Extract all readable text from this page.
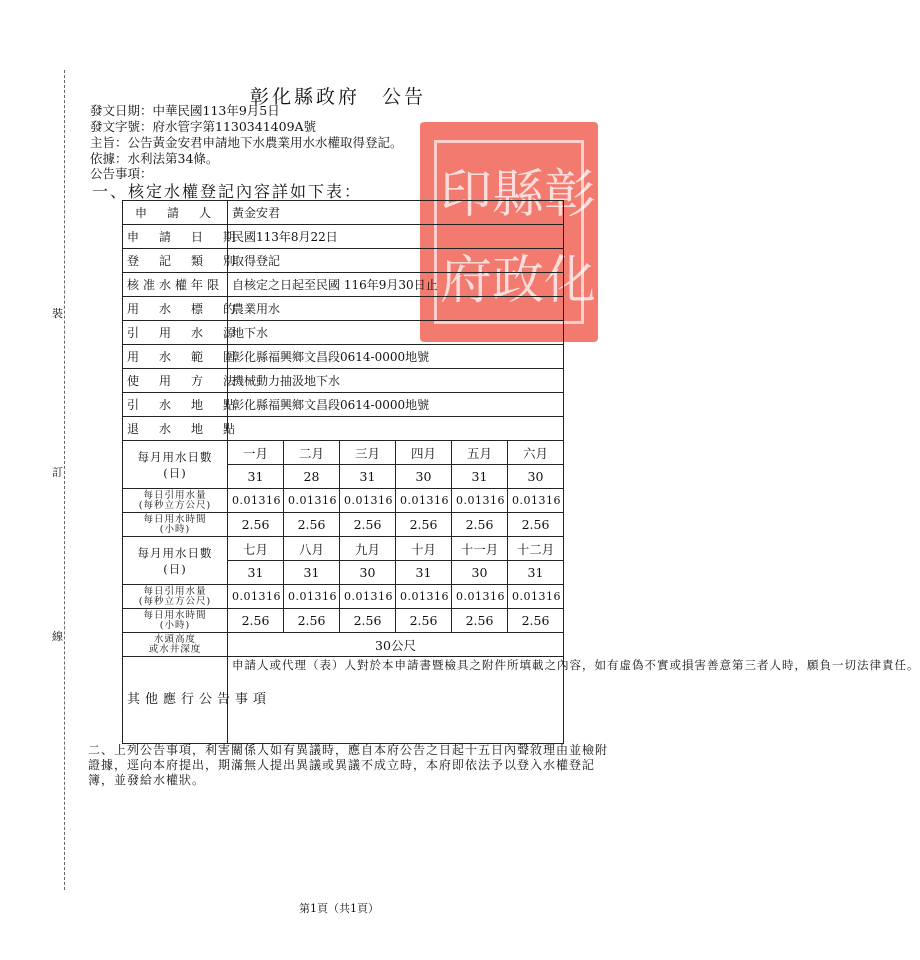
裝
訂
線
印 縣 彰
府 政 化
彰化縣政府　公告
發文日期：中華民國113年9月5日
發文字號：府水管字第1130341409A號
主旨：公告黃金安君申請地下水農業用水水權取得登記。
依據：水利法第34條。
公告事項：
一、核定水權登記內容詳如下表：
申　請　人	黃金安君					
申　請　日　期	民國113年8月22日					
登　記　類　別	取得登記					
核准水權年限	自核定之日起至民國 116年9月30日止					
用　水　標　的	農業用水					
引　用　水　源	地下水					
用　水　範　圍	彰化縣福興鄉文昌段0614-0000地號					
使　用　方　法	機械動力抽汲地下水					
引　水　地　點	彰化縣福興鄉文昌段0614-0000地號					
退　水　地　點						

每月用水日數
(日)	一月	二月	三月	四月	五月	六月
	31	28	31	30	31	30

每日引用水量
(每秒立方公尺)	0.01316	0.01316	0.01316	0.01316	0.01316	0.01316

每日用水時間
(小時)	2.56	2.56	2.56	2.56	2.56	2.56

每月用水日數
(日)	七月	八月	九月	十月	十一月	十二月
	31	31	30	31	30	31

每日引用水量
(每秒立方公尺)	0.01316	0.01316	0.01316	0.01316	0.01316	0.01316

每日用水時間
(小時)	2.56	2.56	2.56	2.56	2.56	2.56

水頭高度
或水井深度	30公尺					
其他應行公告事項	申請人或代理（表）人對於本申請書暨檢具之附件所填載之內容，如有虛偽不實或損害善意第三者人時，願負一切法律責任。					
二、上列公告事項，利害關係人如有異議時，應自本府公告之日起十五日內聲敘理由並檢附證據，逕向本府提出，期滿無人提出異議或異議不成立時，本府即依法予以登入水權登記簿，並發給水權狀。
第1頁（共1頁）
